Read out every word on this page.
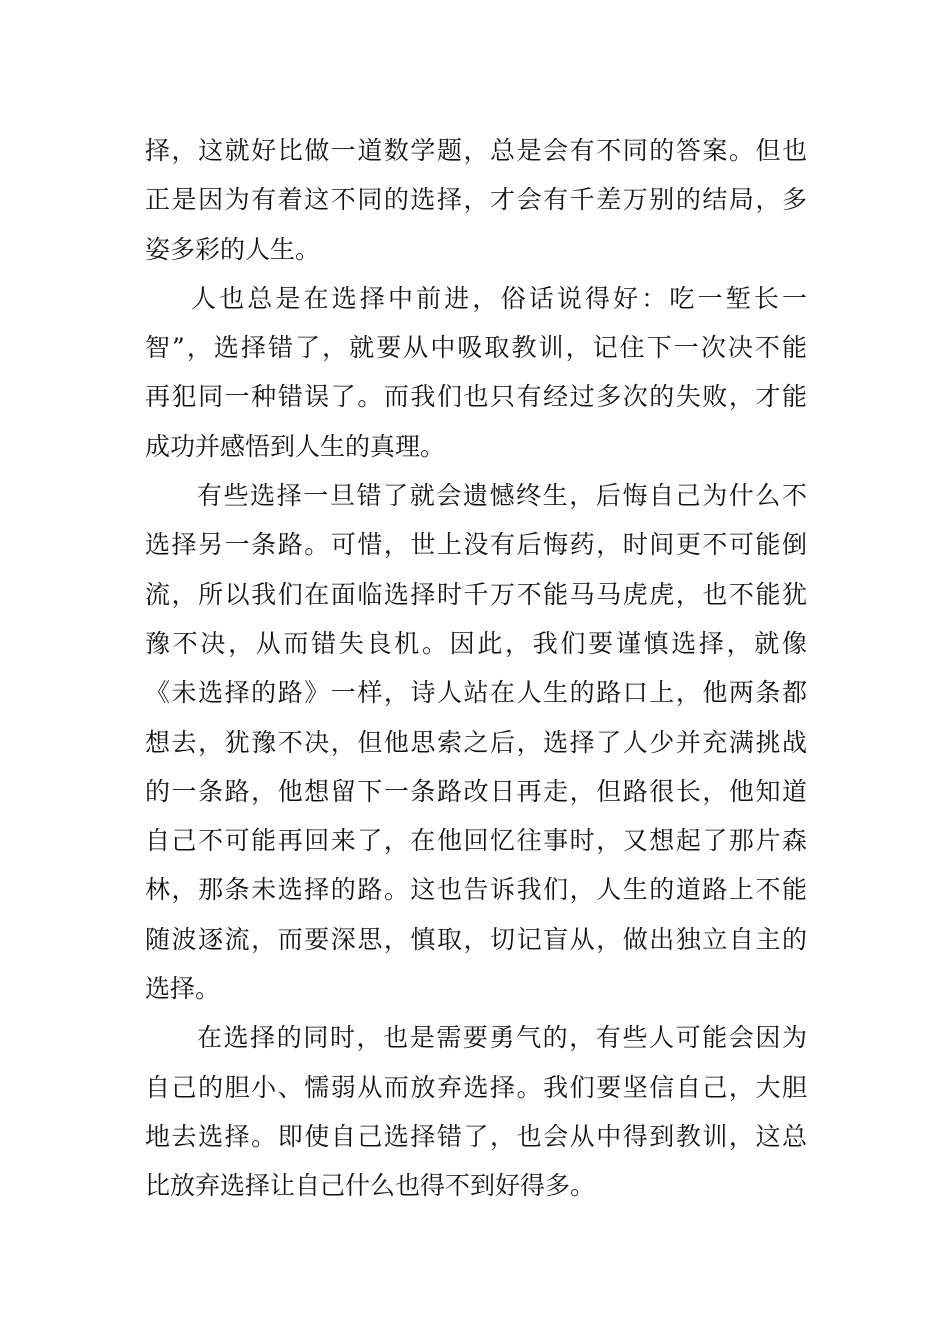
择，这就好比做一道数学题，总是会有不同的答案。但也
正是因为有着这不同的选择，才会有千差万别的结局，多
姿多彩的人生。
人也总是在选择中前进，俗话说得好：吃一堑长一
智”，选择错了，就要从中吸取教训，记住下一次决不能
再犯同一种错误了。而我们也只有经过多次的失败，才能
成功并感悟到人生的真理。
有些选择一旦错了就会遗憾终生，后悔自己为什么不
选择另一条路。可惜，世上没有后悔药，时间更不可能倒
流，所以我们在面临选择时千万不能马马虎虎，也不能犹
豫不决，从而错失良机。因此，我们要谨慎选择，就像
《未选择的路》一样，诗人站在人生的路口上，他两条都
想去，犹豫不决，但他思索之后，选择了人少并充满挑战
的一条路，他想留下一条路改日再走，但路很长，他知道
自己不可能再回来了，在他回忆往事时，又想起了那片森
林，那条未选择的路。这也告诉我们，人生的道路上不能
随波逐流，而要深思，慎取，切记盲从，做出独立自主的
选择。
在选择的同时，也是需要勇气的，有些人可能会因为
自己的胆小、懦弱从而放弃选择。我们要坚信自己，大胆
地去选择。即使自己选择错了，也会从中得到教训，这总
比放弃选择让自己什么也得不到好得多。
